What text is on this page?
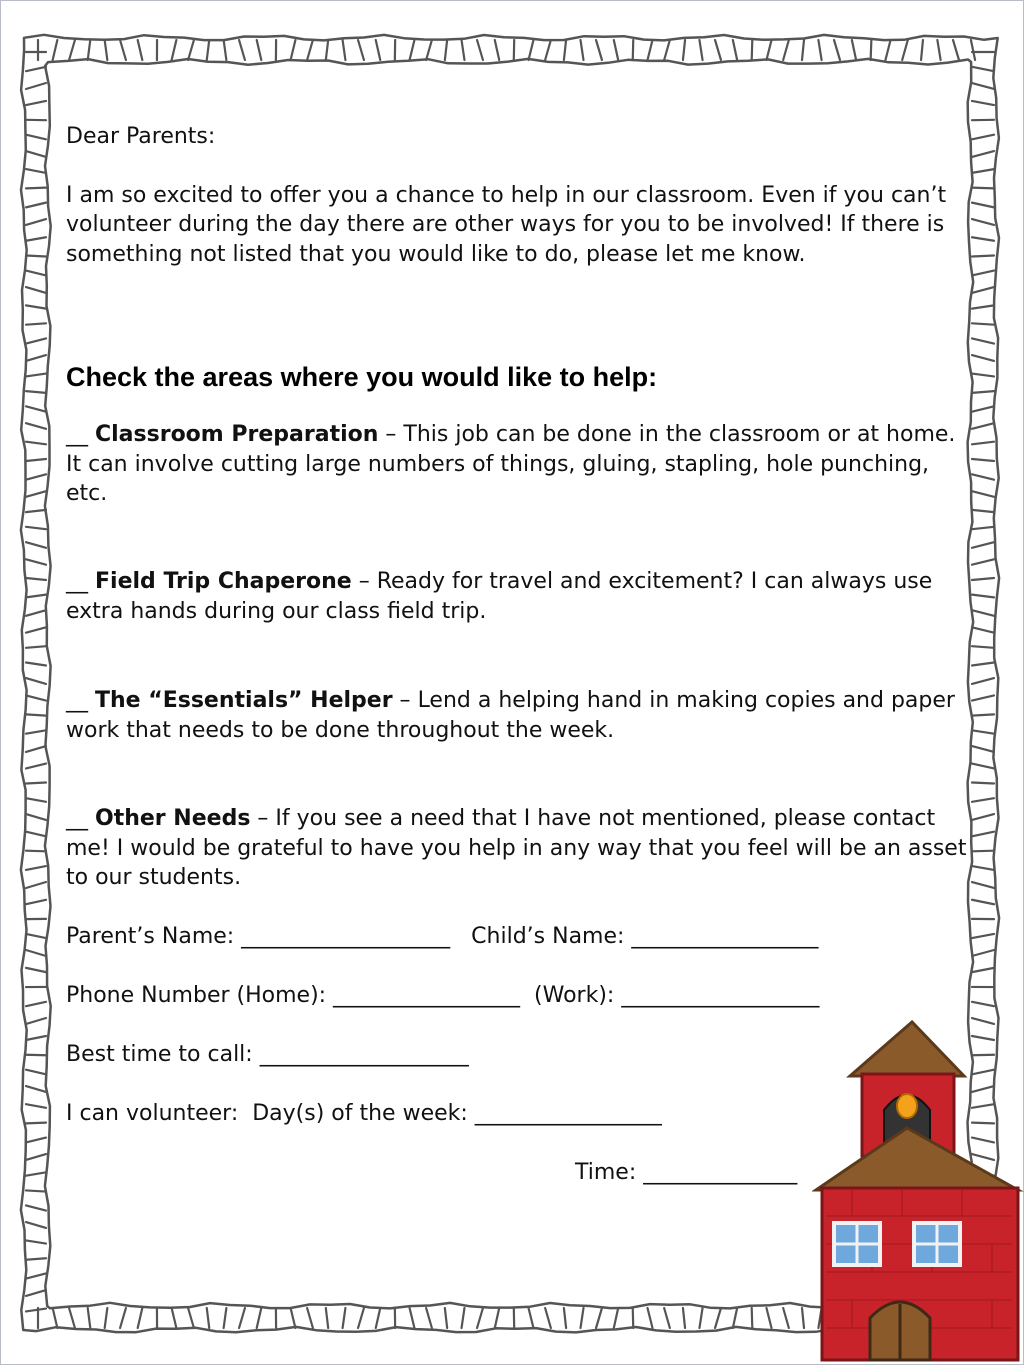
Dear Parents:

I am so excited to offer you a chance to help in our classroom. Even if you can’t volunteer during the day there are other ways for you to be involved! If there is something not listed that you would like to do, please let me know.

Check the areas where you would like to help:
__ Classroom Preparation – This job can be done in the classroom or at home. It can involve cutting large numbers of things, gluing, stapling, hole punching, etc.
__ Field Trip Chaperone – Ready for travel and excitement? I can always use extra hands during our class field trip.
__ The “Essentials” Helper – Lend a helping hand in making copies and paper work that needs to be done throughout the week.
__ Other Needs – If you see a need that I have not mentioned, please contact me! I would be grateful to have you help in any way that you feel will be an asset to our students.
Parent’s Name: ___________________   Child’s Name: _________________
Phone Number (Home): _________________  (Work): __________________
Best time to call: ___________________
I can volunteer:  Day(s) of the week: _________________
Time: ______________
